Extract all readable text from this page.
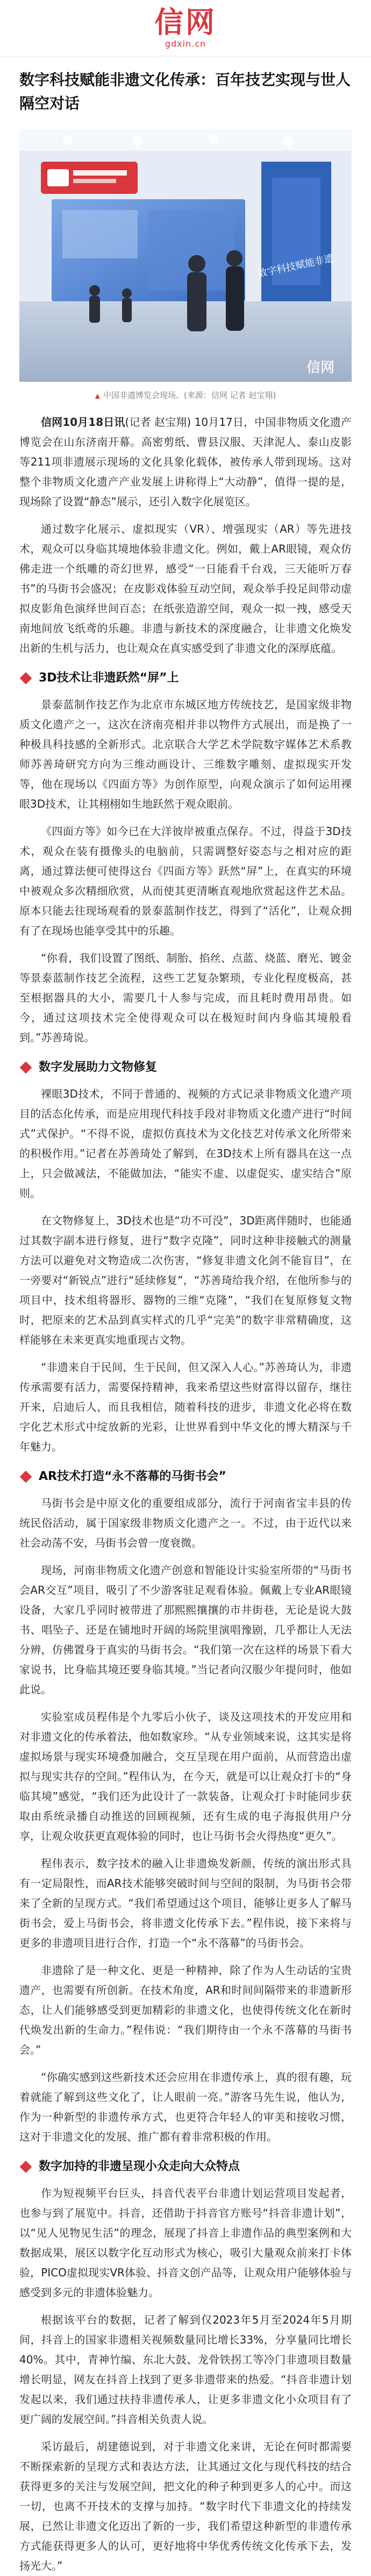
信网
gdxin.cn
数字科技赋能非遗文化传承：百年技艺实现与世人隔空对话
数字科技赋能非遗
信网
▲ 中国非遗博览会现场。(来源：信网 记者 赵宝翔)

信网10月18日讯(记者 赵宝翔) 10月17日，中国非物质文化遗产博览会在山东济南开幕。高密剪纸、曹县汉服、天津泥人、泰山皮影等211项非遗展示现场的文化具象化载体，被传承人带到现场。这对整个非物质文化遗产产业发展上讲称得上“大动静”，值得一提的是，现场除了设置“静态”展示，还引入数字化展览区。

通过数字化展示、虚拟现实（VR）、增强现实（AR）等先进技术，观众可以身临其境地体验非遗文化。例如，戴上AR眼镜，观众仿佛走进一个纸雕的奇幻世界，感受“一日能看千台戏，三天能听万春书”的马街书会盛况；在皮影戏体验互动空间，观众举手投足间带动虚拟皮影角色演绎世间百态；在纸张造游空间，观众一拟一拽，感受天南地间放飞纸鸢的乐趣。非遗与新技术的深度融合，让非遗文化焕发出新的生机与活力，也让观众在真实感受到了非遗文化的深厚底蕴。

3D技术让非遗跃然“屏”上

景泰蓝制作技艺作为北京市东城区地方传统技艺，是国家级非物质文化遗产之一，这次在济南亮相并非以物件方式展出，而是换了一种极具科技感的全新形式。北京联合大学艺术学院数字媒体艺术系教师苏善琦研究方向为三维动画设计、三维数字雕刻、虚拟现实开发等，他在现场以《四面方等》为创作原型，向观众演示了如何运用裸眼3D技术，让其栩栩如生地跃然于观众眼前。

《四面方等》如今已在大洋彼岸被重点保存。不过，得益于3D技术，观众在装有摄像头的电脑前，只需调整好姿态与之相对应的距离，通过算法便可使得这台《四面方等》跃然“屏”上，在真实的环境中被观众多次精细欣赏，从而使其更清晰直观地欣赏起这件艺术品。原本只能去往现场观看的景泰蓝制作技艺，得到了“活化”，让观众拥有了在现场也能享受其中的乐趣。

“你看，我们设置了图纸、制胎、掐丝、点蓝、烧蓝、磨光、镀金等景泰蓝制作技艺全流程，这些工艺复杂繁琐，专业化程度极高，甚至根据器具的大小，需要几十人参与完成，而且耗时费用昂贵。如今，通过这项技术完全使得观众可以在极短时间内身临其境般看到。”苏善琦说。

数字发展助力文物修复

裸眼3D技术，不同于普通的、视频的方式记录非物质文化遗产项目的活态化传承，而是应用现代科技手段对非物质文化遗产进行“时间式”式保护。“不得不说，虚拟仿真技术为文化技艺对传承文化所带来的积极作用。”记者在苏善琦处了解到，在3D技术上所有器具在这一点上，只会做减法，不能做加法，“能实不虚、以虚促实、虚实结合”原则。

在文物修复上，3D技术也是“功不可没”，3D距离伴随时，也能通过其数字副本进行修复，进行“数字克隆”，同时这种非接触式的测量方法可以避免对文物造成二次伤害，“修复非遗文化剑不能盲目”，在一旁要对“新锐点”进行“延续修复”，“苏善琦给我介绍，在他所参与的项目中，技术组将器形、器物的三维“克隆”，“我们在复原修复文物时，把原来的艺术品到真实样式的几乎“完美”的数字非常精确度，这样能够在未来更真实地重现古文物。

“非遗来自于民间，生于民间，但又深入人心。”苏善琦认为，非遗传承需要有活力，需要保持精神，我来希望这些财富得以留存，继往开来，启迪后人，而且我相信，随着科技的进步，非遗文化必将在数字化艺术形式中绽放新的光彩，让世界看到中华文化的博大精深与千年魅力。

AR技术打造“永不落幕的马街书会”

马街书会是中原文化的重要组成部分，流行于河南省宝丰县的传统民俗活动，属于国家级非物质文化遗产之一。不过，由于近代以来社会动荡不安，马街书会曾一度衰微。

现场，河南非物质文化遗产创意和智能设计实验室所带的“马街书会AR交互”项目，吸引了不少游客驻足观看体验。佩戴上专业AR眼镜设备，大家几乎同时被带进了那熙熙攘攘的市井街巷，无论是说大鼓书、唱坠子、还是在铺地时开阔的场院里演唱豫剧，几乎都让人无法分辨，仿佛置身于真实的马街书会。“我们第一次在这样的场景下看大家说书，比身临其境还要身临其境。”当记者向汉服少年提问时，他如此说。

实验室成员程伟是个九零后小伙子，谈及这项技术的开发应用和对非遗文化的传承着法，他如数家珍。“从专业领域来说，这其实是将虚拟场景与现实环境叠加融合，交互呈现在用户面前，从而营造出虚拟与现实共存的空间。”程伟认为，在今天，就是可以让观众打卡的“身临其境”感觉，“我们还为此设计了一款装备，让观众打卡时能同步获取由系统录播自动推送的回顾视频，还有生成的电子海报供用户分享，让观众收获更直观体验的同时，也让马街书会火得热度“更久”。

程伟表示，数字技术的融入让非遗焕发新颜，传统的演出形式具有一定局限性，而AR技术能够突破时间与空间的限制，为马街书会带来了全新的呈现方式。“我们希望通过这个项目，能够让更多人了解马街书会，爱上马街书会，将非遗文化传承下去。”程伟说，接下来将与更多的非遗项目进行合作，打造一个“永不落幕”的马街书会。

非遗除了是一种文化、更是一种精神，除了作为人生动话的宝贵遗产，也需要有所创新。在技术角度，AR和时间间隔带来的非遗新形态，让人们能够感受到更加精彩的非遗文化，也使得传统文化在新时代焕发出新的生命力。”程伟说：“我们期待由一个永不落幕的马街书会。”

“你确实感到这些新技术还会应用在非遗传承上，真的很有趣，玩着就能了解到这些文化了，让人眼前一亮。”游客马先生说，他认为，作为一种新型的非遗传承方式，也更符合年轻人的审美和接收习惯，这对于非遗文化的发展、推广都有着非常积极的作用。

数字加持的非遗呈现小众走向大众特点

作为短视频平台巨头，抖音代表平台非遗计划运营项目发起者，也参与到了展览中。抖音，还借助于抖音官方账号“抖音非遗计划”，以“见人见物见生活”的理念，展现了抖音上非遗作品的典型案例和大数据成果，展区以数字化互动形式为核心，吸引大量观众前来打卡体验，PICO虚拟现实VR体验、抖音文创产品等，让观众用户能够体验与感受到多元的非遗体验魅力。

根据该平台的数据，记者了解到仅2023年5月至2024年5月期间，抖音上的国家非遗相关视频数量同比增长33%，分享量同比增长40%。其中，青神竹编、东北大鼓、龙骨铁拐工等冷门非遗项目数量增长明显，网友在抖音上找到了更多非遗带来的热爱。“抖音非遗计划发起以来，我们通过扶持非遗传承人，让更多非遗文化小众项目有了更广阔的发展空间。”抖音相关负责人说。

采访最后，胡建德说到，对于非遗文化来讲，无论在何时都需要不断探索新的呈现方式和表达方法，让其通过文化与现代科技的结合获得更多的关注与发展空间，把文化的种子种到更多人的心中。而这一切，也离不开技术的支撑与加持。“数字时代下非遗文化的持续发展，已然让非遗文化迈出了新的一步，我们希望这种新型的非遗传承方式能获得更多人的认可，更好地将中华优秀传统文化传承下去，发扬光大。”
